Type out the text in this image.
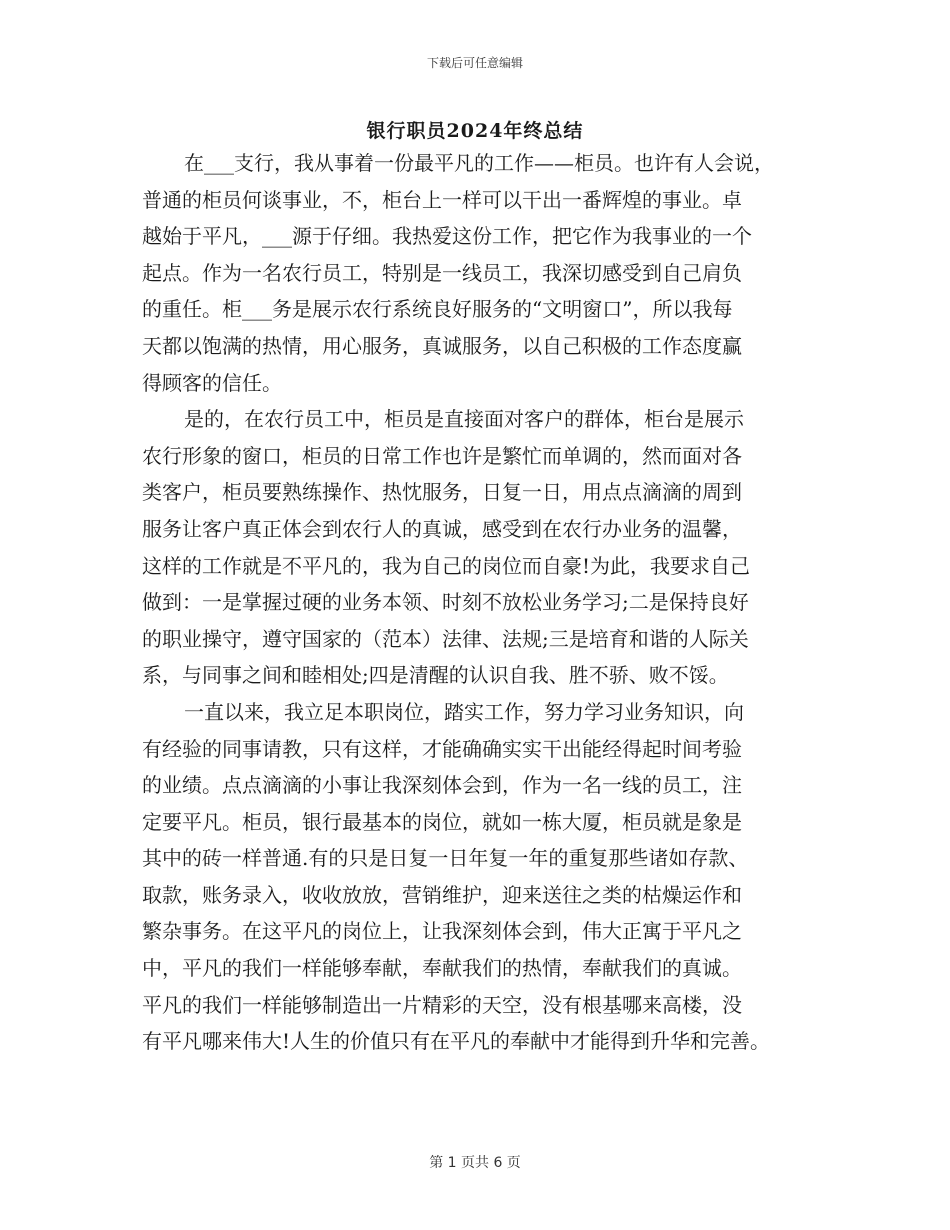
下载后可任意编辑
银行职员2024年终总结
在___支行，我从事着一份最平凡的工作——柜员。也许有人会说，
普通的柜员何谈事业，不，柜台上一样可以干出一番辉煌的事业。卓
越始于平凡，___源于仔细。我热爱这份工作，把它作为我事业的一个
起点。作为一名农行员工，特别是一线员工，我深切感受到自己肩负
的重任。柜___务是展示农行系统良好服务的“文明窗口”，所以我每
天都以饱满的热情，用心服务，真诚服务，以自己积极的工作态度赢
得顾客的信任。
是的，在农行员工中，柜员是直接面对客户的群体，柜台是展示
农行形象的窗口，柜员的日常工作也许是繁忙而单调的，然而面对各
类客户，柜员要熟练操作、热忱服务，日复一日，用点点滴滴的周到
服务让客户真正体会到农行人的真诚，感受到在农行办业务的温馨，
这样的工作就是不平凡的，我为自己的岗位而自豪!为此，我要求自己
做到：一是掌握过硬的业务本领、时刻不放松业务学习;二是保持良好
的职业操守，遵守国家的（范本）法律、法规;三是培育和谐的人际关
系，与同事之间和睦相处;四是清醒的认识自我、胜不骄、败不馁。
一直以来，我立足本职岗位，踏实工作，努力学习业务知识，向
有经验的同事请教，只有这样，才能确确实实干出能经得起时间考验
的业绩。点点滴滴的小事让我深刻体会到，作为一名一线的员工，注
定要平凡。柜员，银行最基本的岗位，就如一栋大厦，柜员就是象是
其中的砖一样普通.有的只是日复一日年复一年的重复那些诸如存款、
取款，账务录入，收收放放，营销维护，迎来送往之类的枯燥运作和
繁杂事务。在这平凡的岗位上，让我深刻体会到，伟大正寓于平凡之
中，平凡的我们一样能够奉献，奉献我们的热情，奉献我们的真诚。
平凡的我们一样能够制造出一片精彩的天空，没有根基哪来高楼，没
有平凡哪来伟大!人生的价值只有在平凡的奉献中才能得到升华和完善。
第 1 页共 6 页
